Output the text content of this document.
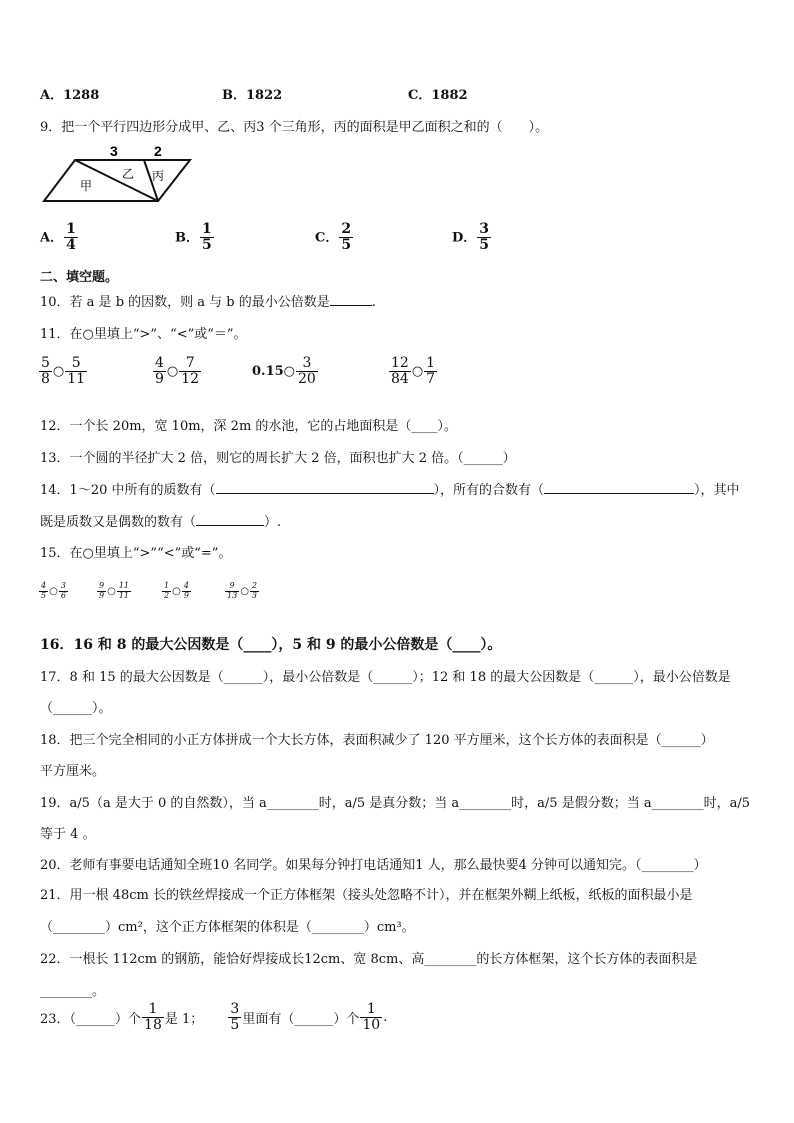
A．1288	B．1822	C．1882
9．把一个平行四边形分成甲、乙、丙3 个三角形，丙的面积是甲乙面积之和的（　　）。
3	2
甲
乙 丙
A． $\frac{1}{4}$	B． $\frac{1}{5}$	C． $\frac{2}{5}$	D． $\frac{3}{5}$
二、填空题。
10．若 a 是 b 的因数，则 a 与 b 的最小公倍数是	.
11．在○里填上“>”、“<”或“＝”。
$\frac{5}{8}$ ○ $\frac{5}{11}$	$\frac{4}{9}$ ○ $\frac{7}{12}$	0.15○ $\frac{3}{20}$	$\frac{12}{84}$ ○ $\frac{1}{7}$
12．一个长 20m，宽 10m，深 2m 的水池，它的占地面积是（____）。
13．一个圆的半径扩大 2 倍，则它的周长扩大 2 倍，面积也扩大 2 倍。（______）
14．1～20 中所有的质数有（	），所有的合数有（	），其中
既是质数又是偶数的数有（	）.
15．在○里填上“>”“<”或“=”。
$\frac{4}{5}$ ○ $\frac{3}{6}$	$\frac{9}{9}$ ○ $\frac{11}{11}$	$\frac{1}{2}$ ○ $\frac{4}{9}$	$\frac{9}{13}$ ○ $\frac{2}{3}$
16．16 和 8 的最大公因数是（____），5 和 9 的最小公倍数是（____）。
17．8 和 15 的最大公因数是（______），最小公倍数是（______）；12 和 18 的最大公因数是（______），最小公倍数是
（______）。
18．把三个完全相同的小正方体拼成一个大长方体，表面积减少了 120 平方厘米，这个长方体的表面积是（______）
平方厘米。
19．a/5（a 是大于 0 的自然数），当 a________时，a/5 是真分数；当 a________时，a/5 是假分数；当 a________时，a/5
等于 4 。
20．老师有事要电话通知全班10 名同学。如果每分钟打电话通知1 人，那么最快要4 分钟可以通知完。（________）
21．用一根 48cm 长的铁丝焊接成一个正方体框架（接头处忽略不计），并在框架外糊上纸板，纸板的面积最小是
（________）cm²，这个正方体框架的体积是（________）cm³。
22．一根长 112cm 的钢筋，能恰好焊接成长12cm、宽 8cm、高________的长方体框架，这个长方体的表面积是
________。
23．（______）个 $\frac{1}{18}$ 是 1； $\frac{3}{5}$ 里面有（______）个 $\frac{1}{10}$ .
